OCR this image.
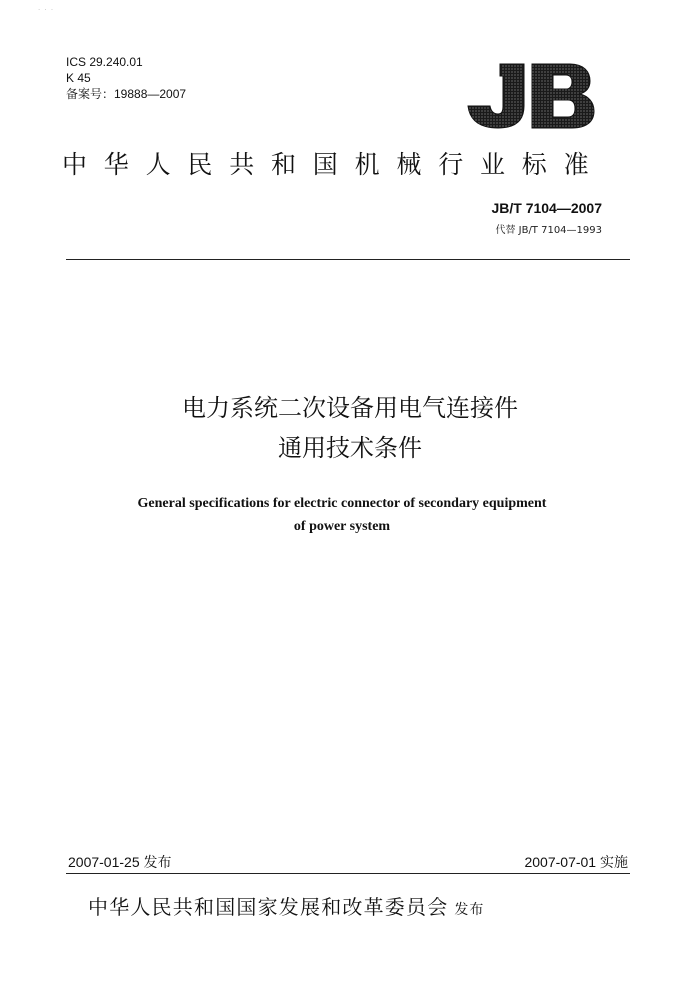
· · ·
ICS 29.240.01
K 45
备案号：19888—2007
中华人民共和国机械行业标准
JB/T 7104—2007
代替 JB/T 7104—1993
电力系统二次设备用电气连接件
通用技术条件
General specifications for electric connector of secondary equipment
of power system
2007-01-25 发布	2007-07-01 实施
中华人民共和国国家发展和改革委员会 发布
